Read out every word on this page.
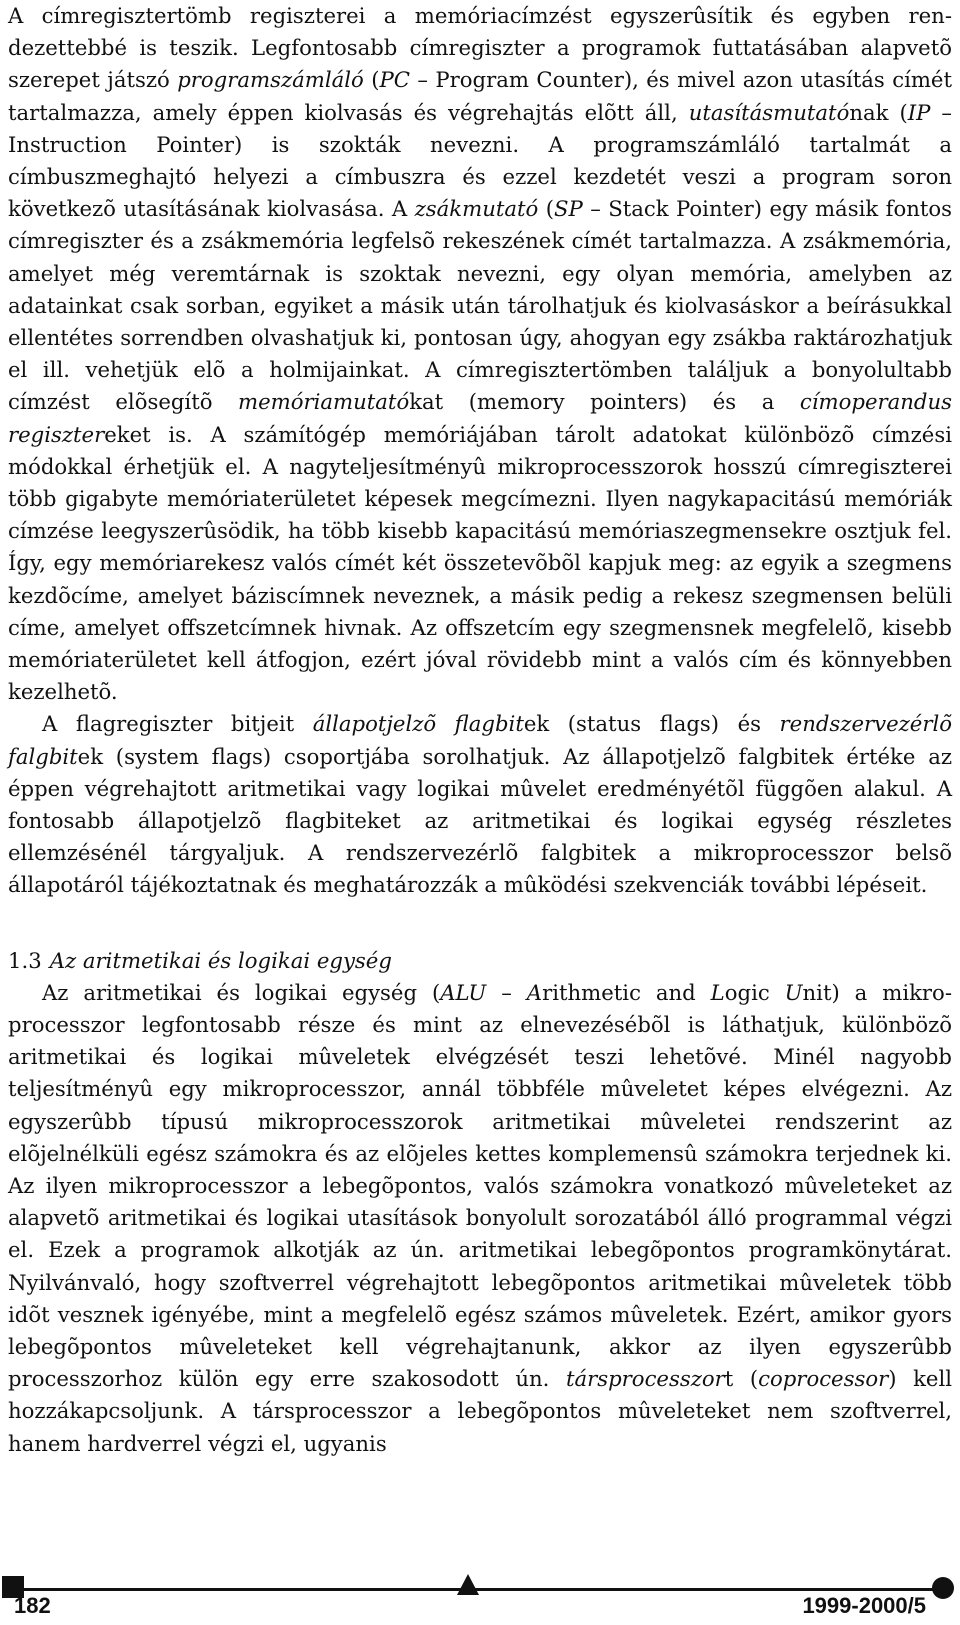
A címregisztertömb regiszterei a memóriacímzést egyszerûsítik és egyben rendezettebbé is teszik. Legfontosabb címregiszter a programok futtatásában alapvetõ szerepet játszó programszámláló (PC – Program Counter), és mivel azon utasítás címét tartalmazza, amely éppen kiolvasás és végrehajtás elõtt áll, utasításmutatónak (IP – Instruction Pointer) is szokták nevezni. A programszámláló tartalmát a címbuszmeghajtó helyezi a címbuszra és ezzel kezdetét veszi a program soron következõ utasításának kiolvasása. A zsákmutató (SP – Stack Pointer) egy másik fontos címregiszter és a zsákmemória legfelsõ rekeszének címét tartalmazza. A zsákmemória, amelyet még veremtárnak is szoktak nevezni, egy olyan memória, amelyben az adatainkat csak sorban, egyiket a másik után tárolhatjuk és kiolvasáskor a beírásukkal ellentétes sorrendben olvashatjuk ki, pontosan úgy, ahogyan egy zsákba raktározhatjuk el ill. vehetjük elõ a holmijainkat. A címregisztertömben találjuk a bonyolultabb címzést elõsegítõ memóriamutatókat (memory pointers) és a címoperandus regisztereket is. A számítógép memóriájában tárolt adatokat különbözõ címzési módokkal érhetjük el. A nagyteljesítményû mikroprocesszorok hosszú címregiszterei több gigabyte memóriaterületet képesek megcímezni. Ilyen nagykapacitású memóriák címzése leegyszerûsödik, ha több kisebb kapacitású memóriaszegmensekre osztjuk fel. Így, egy memóriarekesz valós címét két összetevõbõl kapjuk meg: az egyik a szegmens kezdõcíme, amelyet báziscímnek neveznek, a másik pedig a rekesz szegmensen belüli címe, amelyet offszetcímnek hivnak. Az offszetcím egy szegmensnek megfelelõ, kisebb memóriaterületet kell átfogjon, ezért jóval rövidebb mint a valós cím és könnyebben kezelhetõ.

A flagregiszter bitjeit állapotjelzõ flagbitek (status flags) és rendszervezérlõ falgbitek (system flags) csoportjába sorolhatjuk. Az állapotjelzõ falgbitek értéke az éppen végrehajtott aritmetikai vagy logikai mûvelet eredményétõl függõen alakul. A fontosabb állapotjelzõ flagbiteket az aritmetikai és logikai egység részletes ellemzésénél tárgyaljuk. A rendszervezérlõ falgbitek a mikroprocesszor belsõ állapotáról tájékoztatnak és meghatározzák a mûködési szekvenciák további lépéseit.

1.3 Az aritmetikai és logikai egység

Az aritmetikai és logikai egység (ALU – Arithmetic and Logic Unit) a mikroprocesszor legfontosabb része és mint az elnevezésébõl is láthatjuk, különbözõ aritmetikai és logikai mûveletek elvégzését teszi lehetõvé. Minél nagyobb teljesítményû egy mikroprocesszor, annál többféle mûveletet képes elvégezni. Az egyszerûbb típusú mikroprocesszorok aritmetikai mûveletei rendszerint az elõjelnélküli egész számokra és az elõjeles kettes komplemensû számokra terjednek ki. Az ilyen mikroprocesszor a lebegõpontos, valós számokra vonatkozó mûveleteket az alapvetõ aritmetikai és logikai utasítások bonyolult sorozatából álló programmal végzi el. Ezek a programok alkotják az ún. aritmetikai lebegõpontos programkönytárat. Nyilvánvaló, hogy szoftverrel végrehajtott lebegõpontos aritmetikai mûveletek több idõt vesznek igényébe, mint a megfelelõ egész számos mûveletek. Ezért, amikor gyors lebegõpontos mûveleteket kell végrehajtanunk, akkor az ilyen egyszerûbb processzorhoz külön egy erre szakosodott ún. társprocesszort (coprocessor) kell hozzákapcsoljunk. A társprocesszor a lebegõpontos mûveleteket nem szoftverrel, hanem hardverrel végzi el, ugyanis

182	1999-2000/5
